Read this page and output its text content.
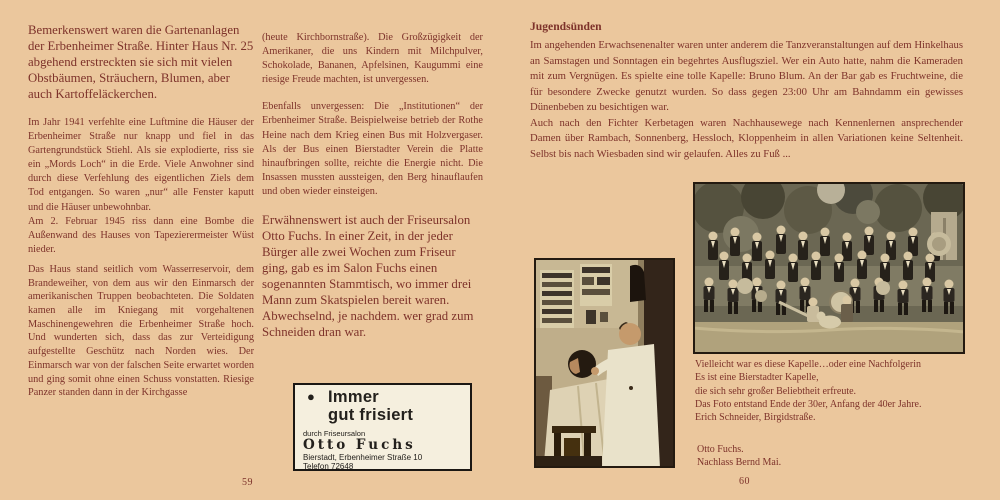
Bemerkenswert waren die Gartenanlagen der Erbenheimer Straße. Hinter Haus Nr. 25 abgehend erstreckten sie sich mit vielen Obstbäumen, Sträuchern, Blumen, aber auch Kartoffeläckerchen.

Im Jahr 1941 verfehlte eine Luftmine die Häuser der Erbenheimer Straße nur knapp und fiel in das Gartengrundstück Stiehl. Als sie explodierte, riss sie ein „Mords Loch“ in die Erde. Viele Anwohner sind durch diese Verfehlung des eigentlichen Ziels dem Tod entgangen. So waren „nur“ alle Fenster kaputt und die Häuser unbewohnbar.

Am 2. Februar 1945 riss dann eine Bombe die Außenwand des Hauses von Tapezierermeister Wüst nieder.

Das Haus stand seitlich vom Wasserreservoir, dem Brandeweiher, von dem aus wir den Einmarsch der amerikanischen Truppen beobachteten. Die Soldaten kamen alle im Kniegang mit vorgehaltenen Maschinengewehren die Erbenheimer Straße hoch. Und wunderten sich, dass das zur Verteidigung aufgestellte Geschütz nach Norden wies. Der Einmarsch war von der falschen Seite erwartet worden und ging somit ohne einen Schuss vonstatten. Riesige Panzer standen dann in der Kirchgasse

(heute Kirchbornstraße). Die Großzügigkeit der Amerikaner, die uns Kindern mit Milchpulver, Schokolade, Bananen, Apfelsinen, Kaugummi eine riesige Freude machten, ist unvergessen.

Ebenfalls unvergessen: Die „Institutionen“ der Erbenheimer Straße. Beispielweise betrieb der Rothe Heine nach dem Krieg einen Bus mit Holzvergaser. Als der Bus einen Bierstadter Verein die Platte hinaufbringen sollte, reichte die Energie nicht. Die Insassen mussten aussteigen, den Berg hinauflaufen und oben wieder einsteigen.

Erwähnenswert ist auch der Friseursalon Otto Fuchs. In einer Zeit, in der jeder Bürger alle zwei Wochen zum Friseur ging, gab es im Salon Fuchs einen sogenannten Stammtisch, wo immer drei Mann zum Skatspielen bereit waren. Abwechselnd, je nachdem. wer grad zum Schneiden dran war.

● Immer
gut frisiert
durch Friseursalon
Otto Fuchs
Bierstadt, Erbenheimer Straße 10
Telefon 72648
59
Jugendsünden

Im angehenden Erwachsenenalter waren unter anderem die Tanzveranstaltungen auf dem Hinkelhaus an Samstagen und Sonntagen ein begehrtes Ausflugsziel. Wer ein Auto hatte, nahm die Kameraden mit zum Vergnügen. Es spielte eine tolle Kapelle: Bruno Blum. An der Bar gab es Fruchtweine, die für besondere Zwecke genutzt wurden. So dass gegen 23:00 Uhr am Bahndamm ein gewisses Dünenbeben zu besichtigen war.

Auch nach den Fichter Kerbetagen waren Nachhausewege nach Kennenlernen ansprechender Damen über Rambach, Sonnenberg, Hessloch, Kloppenheim in allen Variationen keine Seltenheit. Selbst bis nach Wiesbaden sind wir gelaufen. Alles zu Fuß ...

Vielleicht war es diese Kapelle…oder eine Nachfolgerin
Es ist eine Bierstadter Kapelle,
die sich sehr großer Beliebtheit erfreute.
Das Foto entstand Ende der 30er, Anfang der 40er Jahre.
Erich Schneider, Birgidstraße.
Otto Fuchs.
Nachlass Bernd Mai.
60
